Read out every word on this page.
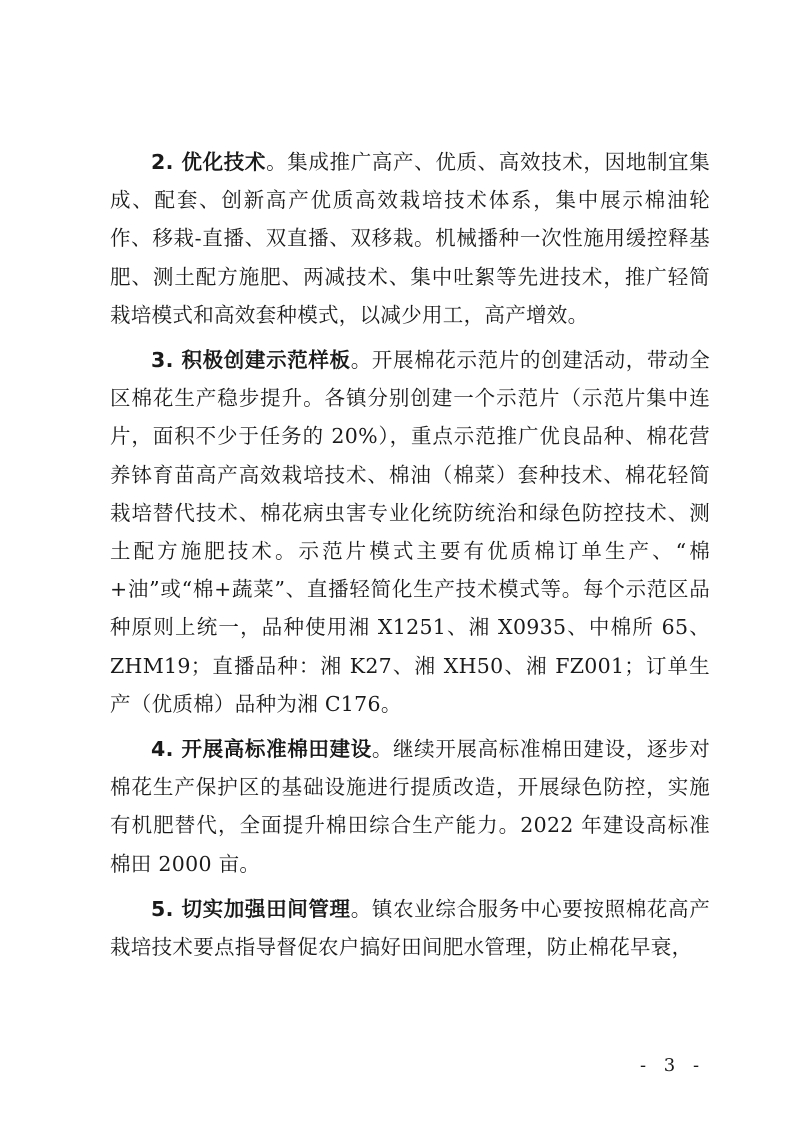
2. 优化技术。集成推广高产、优质、高效技术，因地制宜集成、配套、创新高产优质高效栽培技术体系，集中展示棉油轮作、移栽-直播、双直播、双移栽。机械播种一次性施用缓控释基肥、测土配方施肥、两减技术、集中吐絮等先进技术，推广轻简栽培模式和高效套种模式，以减少用工，高产增效。

3. 积极创建示范样板。开展棉花示范片的创建活动，带动全区棉花生产稳步提升。各镇分别创建一个示范片（示范片集中连片，面积不少于任务的 20%），重点示范推广优良品种、棉花营养钵育苗高产高效栽培技术、棉油（棉菜）套种技术、棉花轻简栽培替代技术、棉花病虫害专业化统防统治和绿色防控技术、测土配方施肥技术。示范片模式主要有优质棉订单生产、“棉+油”或“棉+蔬菜”、直播轻简化生产技术模式等。每个示范区品种原则上统一，品种使用湘 X1251、湘 X0935、中棉所 65、ZHM19；直播品种：湘 K27、湘 XH50、湘 FZ001；订单生产（优质棉）品种为湘 C176。

4. 开展高标准棉田建设。继续开展高标准棉田建设，逐步对棉花生产保护区的基础设施进行提质改造，开展绿色防控，实施有机肥替代，全面提升棉田综合生产能力。2022 年建设高标准棉田 2000 亩。

5. 切实加强田间管理。镇农业综合服务中心要按照棉花高产栽培技术要点指导督促农户搞好田间肥水管理，防止棉花早衰，

- 3 -
